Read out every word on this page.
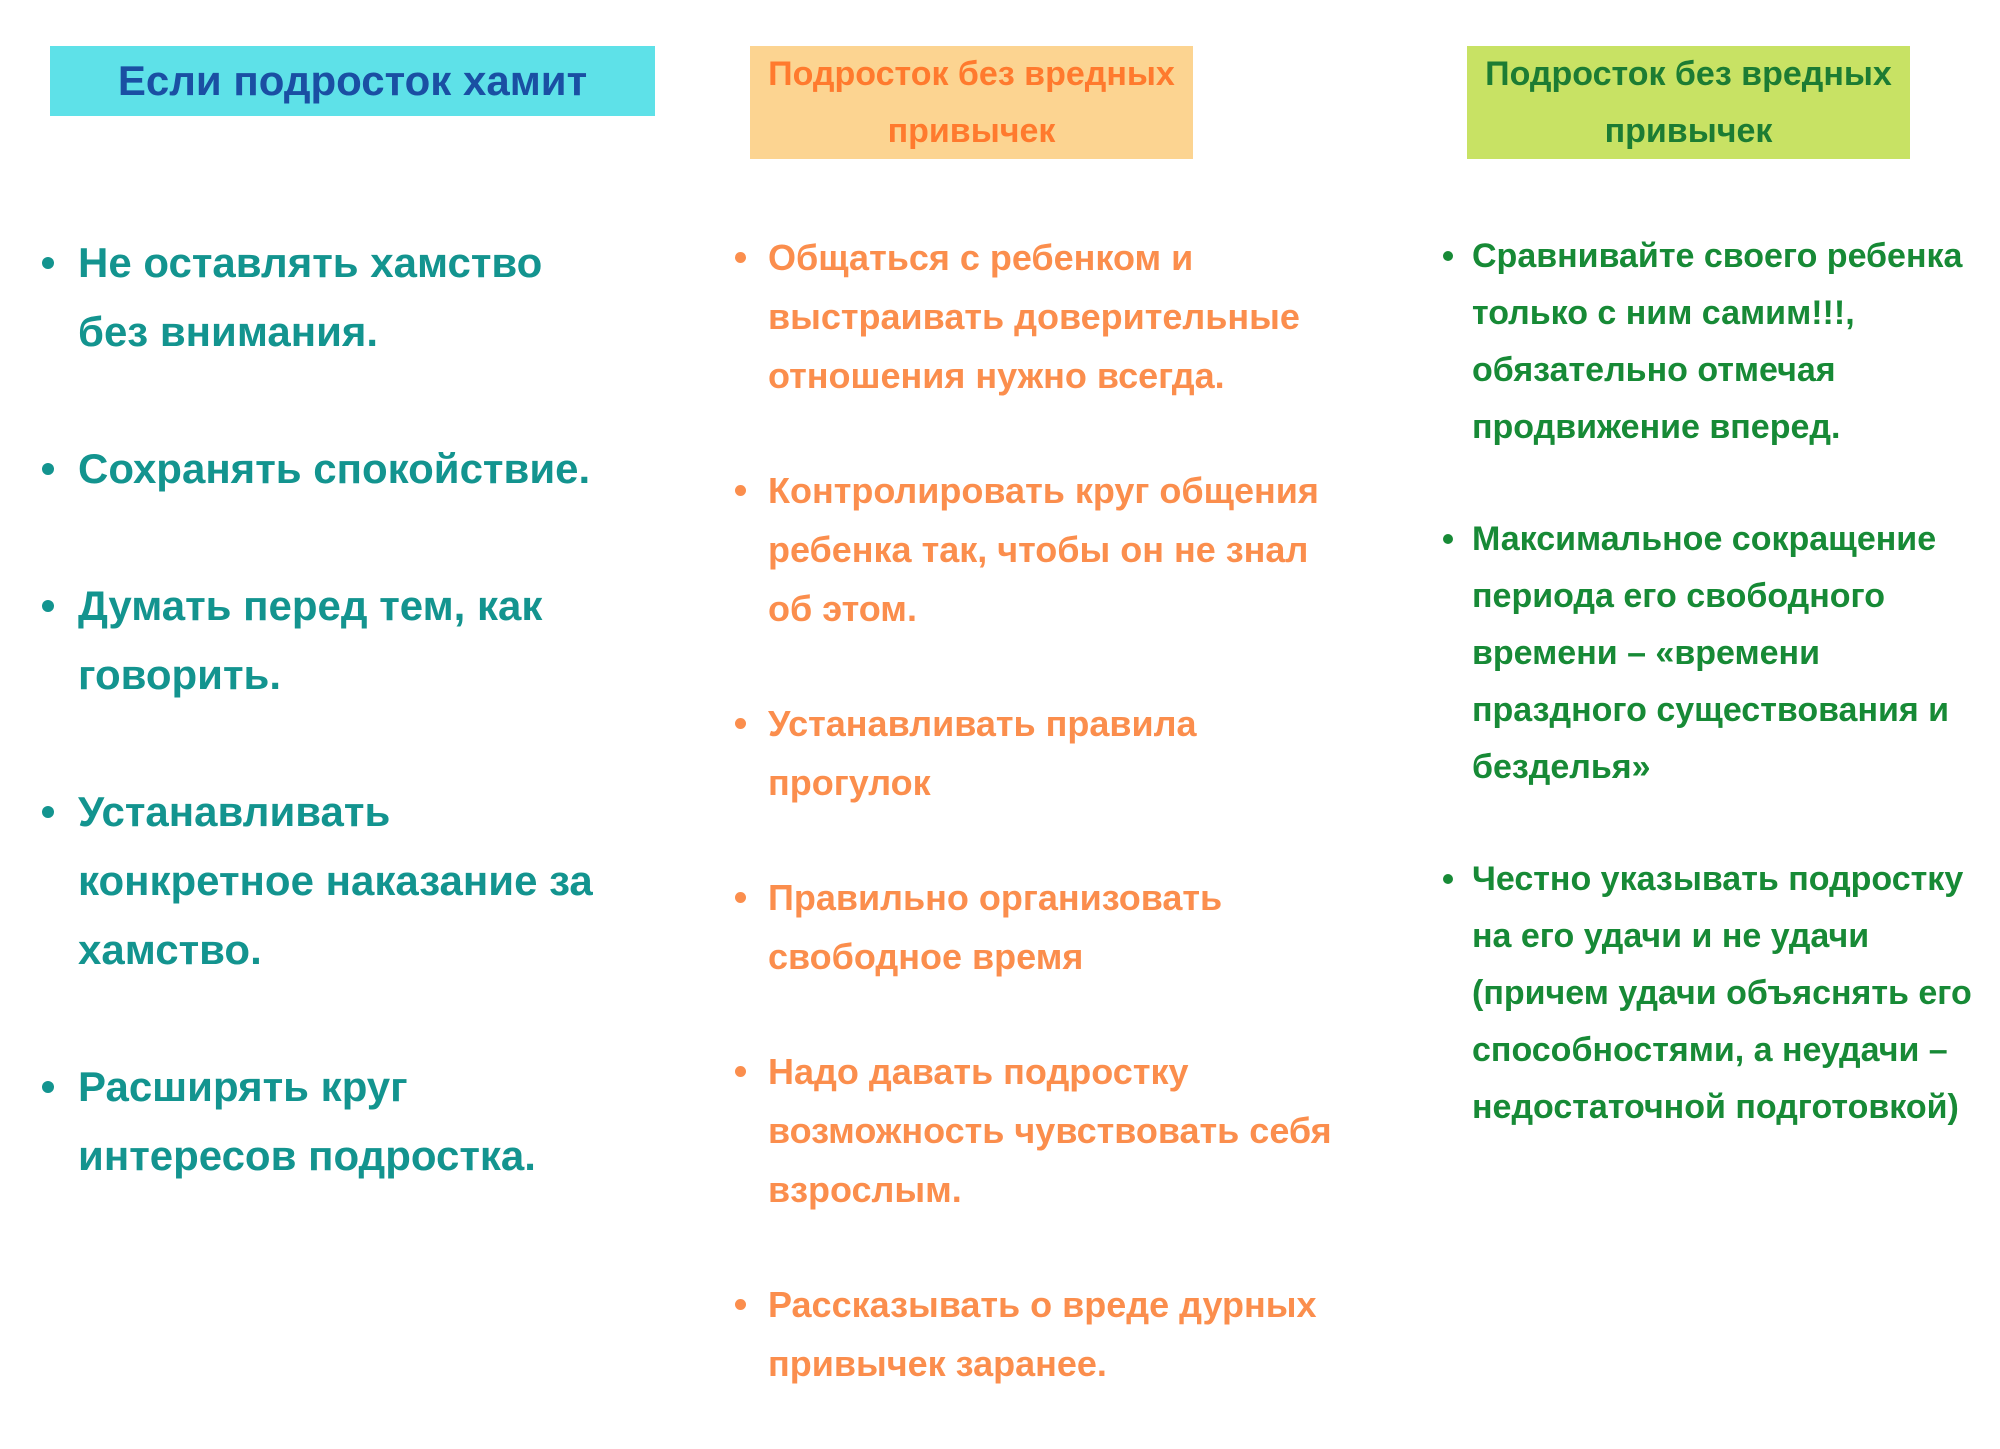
Если подросток хамит	Подросток без вредных привычек
Подросток без вредных привычек
Не оставлять хамство без внимания.
Сохранять спокойствие.
Думать перед тем, как говорить.
Устанавливать конкретное наказание за хамство.
Расширять круг интересов подростка.
Общаться с ребенком и выстраивать доверительные отношения нужно всегда.
Контролировать круг общения ребенка так, чтобы он не знал об этом.
Устанавливать правила прогулок
Правильно организовать свободное время
Надо давать подростку возможность чувствовать себя взрослым.
Рассказывать о вреде дурных привычек заранее.
Сравнивайте своего ребенка только с ним самим!!!, обязательно отмечая продвижение вперед.
Максимальное сокращение периода его свободного времени – «времени праздного существования и безделья»
Честно указывать подростку на его удачи и не удачи (причем удачи объяснять его способностями, а неудачи – недостаточной подготовкой)
